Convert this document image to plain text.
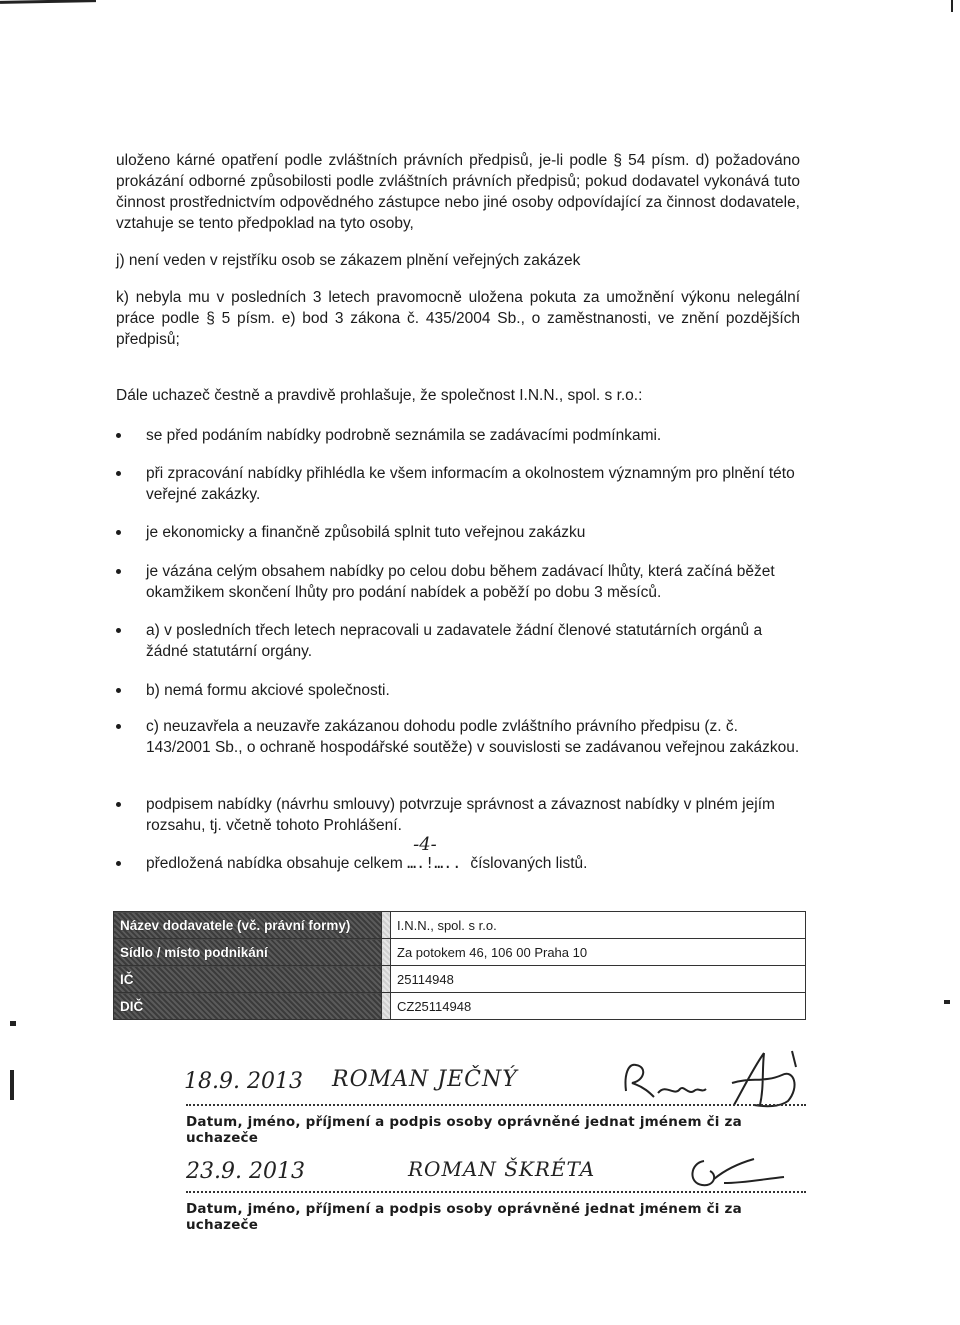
uloženo kárné opatření podle zvláštních právních předpisů, je-li podle § 54 písm. d) požadováno prokázání odborné způsobilosti podle zvláštních právních předpisů; pokud dodavatel vykonává tuto činnost prostřednictvím odpovědného zástupce nebo jiné osoby odpovídající za činnost dodavatele, vztahuje se tento předpoklad na tyto osoby,
j) není veden v rejstříku osob se zákazem plnění veřejných zakázek
k) nebyla mu v posledních 3 letech pravomocně uložena pokuta za umožnění výkonu nelegální práce podle § 5 písm. e) bod 3 zákona č. 435/2004 Sb., o zaměstnanosti, ve znění pozdějších předpisů;
Dále uchazeč čestně a pravdivě prohlašuje, že společnost I.N.N., spol. s r.o.:
se před podáním nabídky podrobně seznámila se zadávacími podmínkami.
při zpracování nabídky přihlédla ke všem informacím a okolnostem významným pro plnění této veřejné zakázky.
je ekonomicky a finančně způsobilá splnit tuto veřejnou zakázku
je vázána celým obsahem nabídky po celou dobu během zadávací lhůty, která začíná běžet okamžikem skončení lhůty pro podání nabídek a poběží po dobu 3 měsíců.
a) v posledních třech letech nepracovali u zadavatele žádní členové statutárních orgánů a žádné statutární orgány.
b) nemá formu akciové společnosti.
c) neuzavřela a neuzavře zakázanou dohodu podle zvláštního právního předpisu (z. č. 143/2001 Sb., o ochraně hospodářské soutěže) v souvislosti se zadávanou veřejnou zakázkou.
podpisem nabídky (návrhu smlouvy) potvrzuje správnost a závaznost nabídky v plném jejím rozsahu, tj. včetně tohoto Prohlášení.
předložená nabídka obsahuje celkem ….!…..
-4-
číslovaných listů.
Název dodavatele (vč. právní formy)		I.N.N., spol. s r.o.
Sídlo / místo podnikání		Za potokem 46, 106 00 Praha 10
IČ		25114948
DIČ		CZ25114948
18.9. 2013 ROMAN JEČNÝ
Datum, jméno, příjmení a podpis osoby oprávněné jednat jménem či za uchazeče
23.9. 2013	ROMAN ŠKRÉTA
Datum, jméno, příjmení a podpis osoby oprávněné jednat jménem či za uchazeče
